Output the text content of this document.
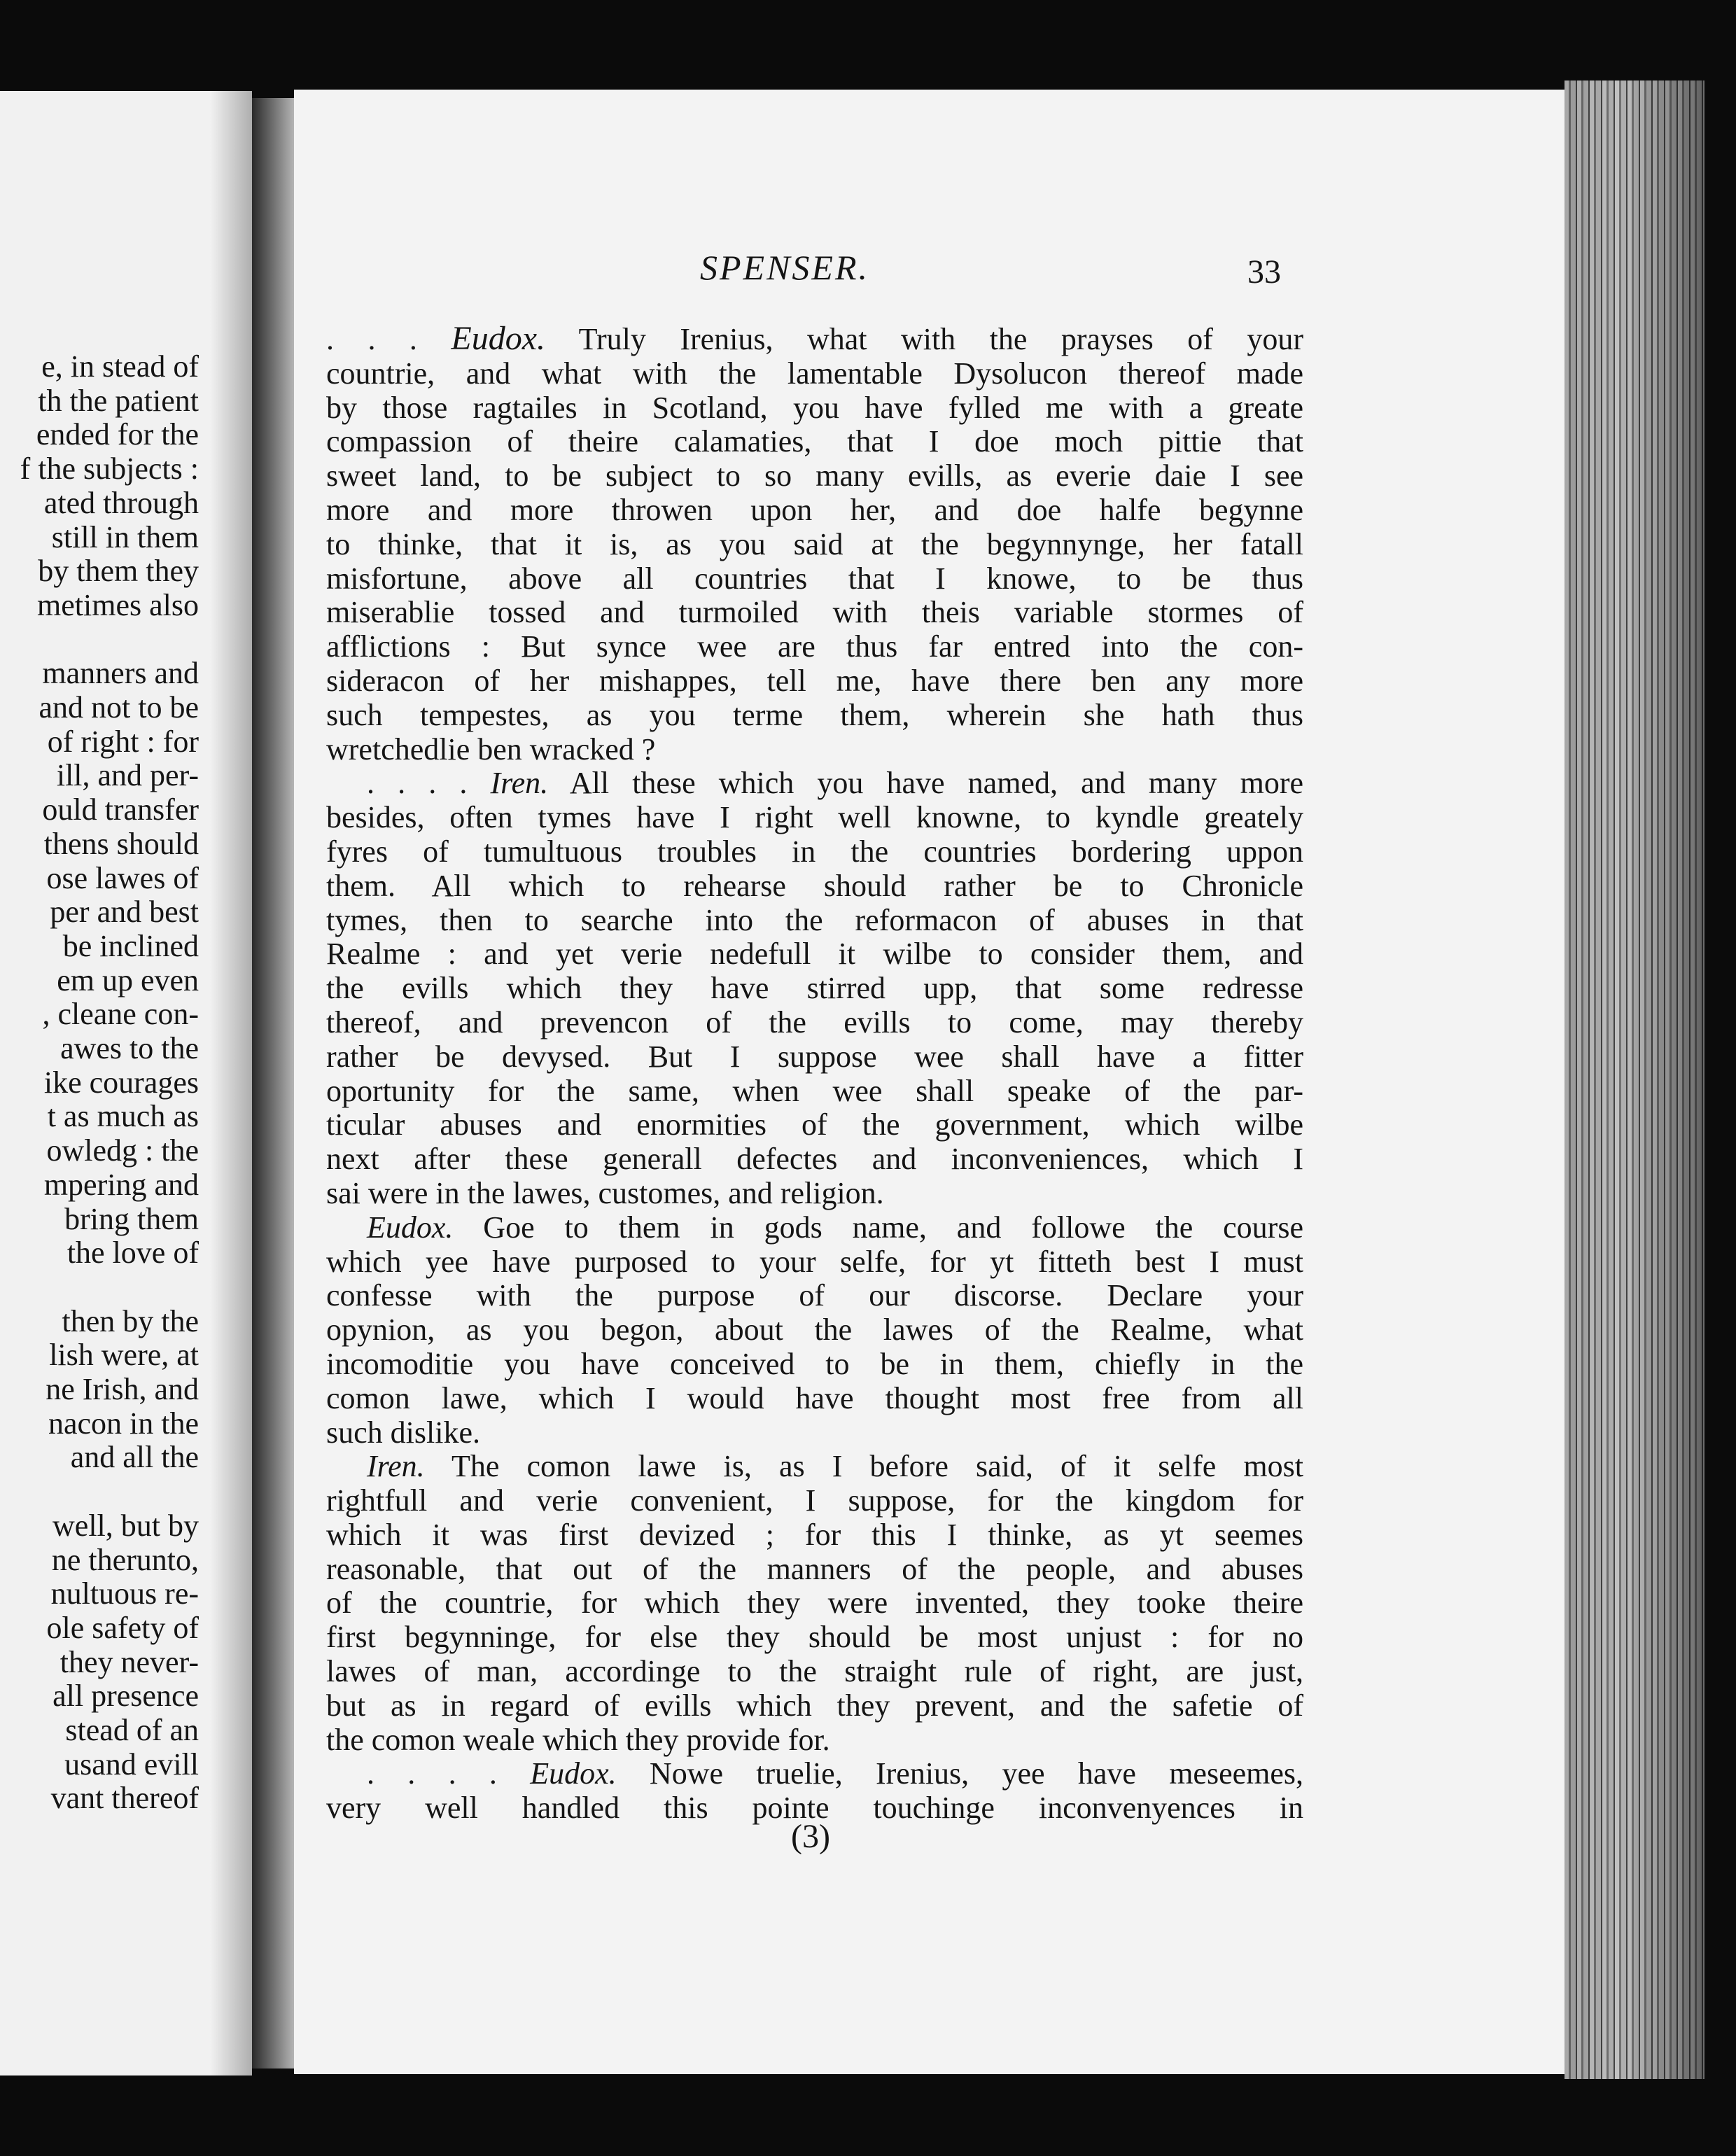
e, in stead of
th the patient
ended for the
f the subjects :
ated through
still in them
by them they
metimes also
manners and
and not to be
of right : for
ill, and per-
ould transfer
thens should
ose lawes of
per and best
be inclined
em up even
, cleane con-
awes to the
ike courages
t as much as
owledg : the
mpering and
bring them
the love of
then by the
lish were, at
ne Irish, and
nacon in the
and all the
well, but by
ne therunto,
nultuous re-
ole safety of
they never-
all presence
stead of an
usand evill
vant thereof
SPENSER.	33
. . . Eudox. Truly Irenius, what with the prayses of your
countrie, and what with the lamentable Dysolucon thereof made
by those ragtailes in Scotland, you have fylled me with a greate
compassion of theire calamaties, that I doe moch pittie that
sweet land, to be subject to so many evills, as everie daie I see
more and more throwen upon her, and doe halfe begynne
to thinke, that it is, as you said at the begynnynge, her fatall
misfortune, above all countries that I knowe, to be thus
miserablie tossed and turmoiled with theis variable stormes of
afflictions : But synce wee are thus far entred into the con-
sideracon of her mishappes, tell me, have there ben any more
such tempestes, as you terme them, wherein she hath thus
wretchedlie ben wracked ?
. . . . Iren. All these which you have named, and many more
besides, often tymes have I right well knowne, to kyndle greately
fyres of tumultuous troubles in the countries bordering uppon
them. All which to rehearse should rather be to Chronicle
tymes, then to searche into the reformacon of abuses in that
Realme : and yet verie nedefull it wilbe to consider them, and
the evills which they have stirred upp, that some redresse
thereof, and prevencon of the evills to come, may thereby
rather be devysed. But I suppose wee shall have a fitter
oportunity for the same, when wee shall speake of the par-
ticular abuses and enormities of the government, which wilbe
next after these generall defectes and inconveniences, which I
sai were in the lawes, customes, and religion.
Eudox. Goe to them in gods name, and followe the course
which yee have purposed to your selfe, for yt fitteth best I must
confesse with the purpose of our discorse. Declare your
opynion, as you begon, about the lawes of the Realme, what
incomoditie you have conceived to be in them, chiefly in the
comon lawe, which I would have thought most free from all
such dislike.
Iren. The comon lawe is, as I before said, of it selfe most
rightfull and verie convenient, I suppose, for the kingdom for
which it was first devized ; for this I thinke, as yt seemes
reasonable, that out of the manners of the people, and abuses
of the countrie, for which they were invented, they tooke theire
first begynninge, for else they should be most unjust : for no
lawes of man, accordinge to the straight rule of right, are just,
but as in regard of evills which they prevent, and the safetie of
the comon weale which they provide for.
. . . . Eudox. Nowe truelie, Irenius, yee have meseemes,
very well handled this pointe touchinge inconvenyences in
(3)
